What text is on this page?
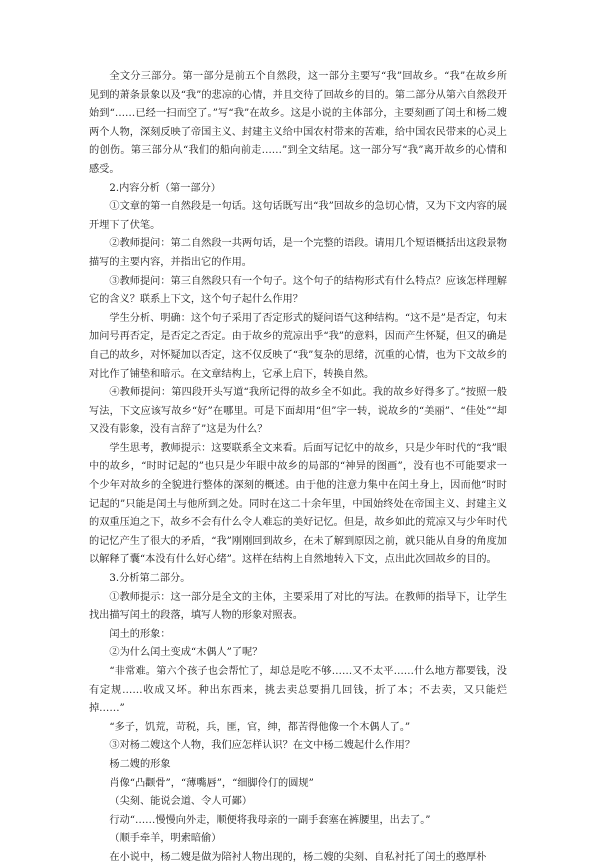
全文分三部分。第一部分是前五个自然段，这一部分主要写“我”回故乡。“我”在故乡所见到的萧条景象以及“我”的悲凉的心情，并且交待了回故乡的目的。第二部分从第六自然段开始到“……已经一扫而空了。”写“我”在故乡。这是小说的主体部分，主要刻画了闰土和杨二嫂两个人物，深刻反映了帝国主义、封建主义给中国农村带来的苦难，给中国农民带来的心灵上的创伤。第三部分从“我们的船向前走……”到全文结尾。这一部分写“我”离开故乡的心情和感受。

2.内容分析（第一部分）

①文章的第一自然段是一句话。这句话既写出“我”回故乡的急切心情，又为下文内容的展开埋下了伏笔。

②教师提问：第二自然段一共两句话，是一个完整的语段。请用几个短语概括出这段景物描写的主要内容，并指出它的作用。

③教师提问：第三自然段只有一个句子。这个句子的结构形式有什么特点？应该怎样理解它的含义？联系上下文，这个句子起什么作用？

学生分析、明确：这个句子采用了否定形式的疑问语气这种结构。“这不是”是否定，句末加问号再否定，是否定之否定。由于故乡的荒凉出乎“我”的意料，因而产生怀疑，但又的确是自己的故乡，对怀疑加以否定，这不仅反映了“我”复杂的思绪，沉重的心情，也为下文故乡的对比作了铺垫和暗示。在文章结构上，它承上启下，转换自然。

④教师提问：第四段开头写道“我所记得的故乡全不如此。我的故乡好得多了。”按照一般写法，下文应该写故乡“好”在哪里。可是下面却用“但”字一转，说故乡的“美丽”、“佳处”“却又没有影象，没有言辞了”这是为什么？

学生思考，教师提示：这要联系全文来看。后面写记忆中的故乡，只是少年时代的“我”眼中的故乡，“时时记起的”也只是少年眼中故乡的局部的“神异的图画”，没有也不可能要求一个少年对故乡的全貌进行整体的深刻的概述。由于他的注意力集中在闰土身上，因而他“时时记起的”只能是闰土与他所到之处。同时在这二十余年里，中国始终处在帝国主义、封建主义的双重压迫之下，故乡不会有什么令人难忘的美好记忆。但是，故乡如此的荒凉又与少年时代的记忆产生了很大的矛盾，“我”刚刚回到故乡，在未了解到原因之前，就只能从自身的角度加以解释了囊“本没有什么好心绪”。这样在结构上自然地转入下文，点出此次回故乡的目的。

3.分析第二部分。

①教师提示：这一部分是全文的主体，主要采用了对比的写法。在教师的指导下，让学生找出描写闰土的段落，填写人物的形象对照表。

闰土的形象：

②为什么闰土变成“木偶人”了呢？

“非常难。第六个孩子也会帮忙了，却总是吃不够……又不太平……什么地方都要钱，没有定规……收成又坏。种出东西来，挑去卖总要捐几回钱，折了本；不去卖，又只能烂掉……”

“多子，饥荒，苛税，兵，匪，官，绅，都苦得他像一个木偶人了。”

③对杨二嫂这个人物，我们应怎样认识？在文中杨二嫂起什么作用？

杨二嫂的形象

肖像“凸颧骨”，“薄嘴唇”，“细脚伶仃的圆规”

（尖刻、能说会道、令人可鄙）

行动“……慢慢向外走，顺便将我母亲的一副手套塞在裤腰里，出去了。”

（顺手牵羊，明索暗偷）

在小说中，杨二嫂是做为陪衬人物出现的，杨二嫂的尖刻、自私衬托了闰土的憨厚朴
